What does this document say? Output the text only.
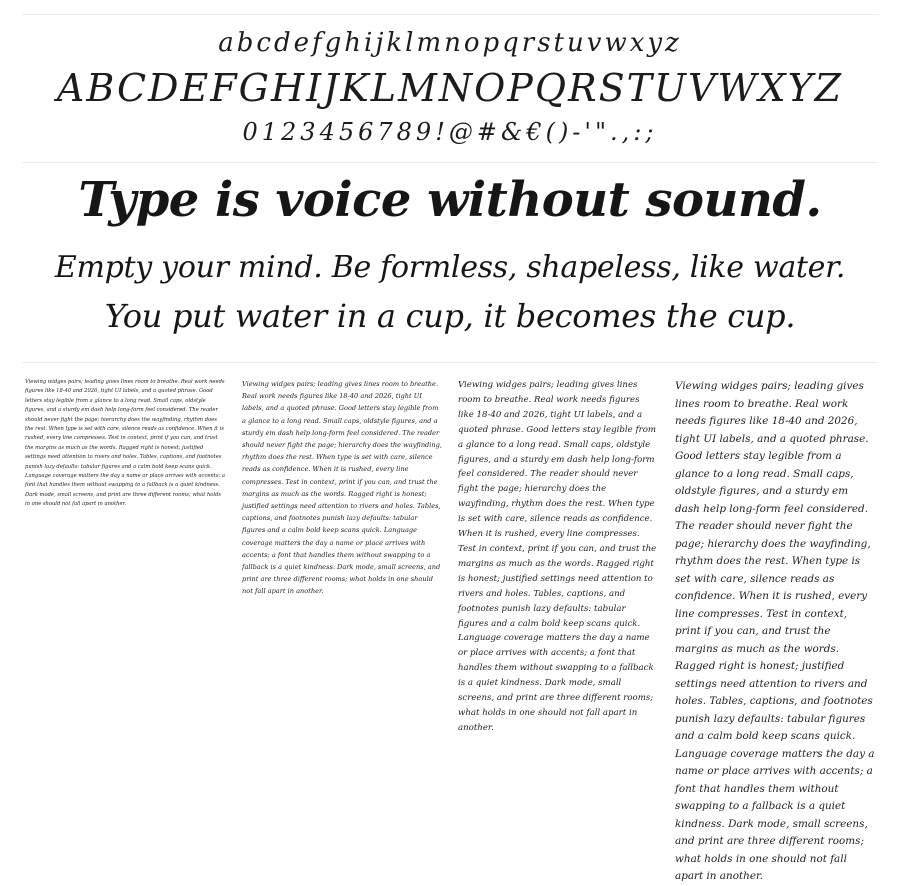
abcdefghijklmnopqrstuvwxyz
ABCDEFGHIJKLMNOPQRSTUVWXYZ
0123456789!@#&€()-'".,:;
Type is voice without sound.
Empty your mind. Be formless, shapeless, like water.
You put water in a cup, it becomes the cup.
Viewing widges pairs; leading gives lines room to breathe. Real work needs figures like 18-40 and 2026, tight UI labels, and a quoted phrase. Good letters stay legible from a glance to a long read. Small caps, oldstyle figures, and a sturdy em dash help long-form feel considered. The reader should never fight the page; hierarchy does the wayfinding, rhythm does the rest. When type is set with care, silence reads as confidence. When it is rushed, every line compresses. Test in context, print if you can, and trust the margins as much as the words. Ragged right is honest; justified settings need attention to rivers and holes. Tables, captions, and footnotes punish lazy defaults: tabular figures and a calm bold keep scans quick. Language coverage matters the day a name or place arrives with accents; a font that handles them without swapping to a fallback is a quiet kindness. Dark mode, small screens, and print are three different rooms; what holds in one should not fall apart in another.
Viewing widges pairs; leading gives lines room to breathe. Real work needs figures like 18-40 and 2026, tight UI labels, and a quoted phrase. Good letters stay legible from a glance to a long read. Small caps, oldstyle figures, and a sturdy em dash help long-form feel considered. The reader should never fight the page; hierarchy does the wayfinding, rhythm does the rest. When type is set with care, silence reads as confidence. When it is rushed, every line compresses. Test in context, print if you can, and trust the margins as much as the words. Ragged right is honest; justified settings need attention to rivers and holes. Tables, captions, and footnotes punish lazy defaults: tabular figures and a calm bold keep scans quick. Language coverage matters the day a name or place arrives with accents; a font that handles them without swapping to a fallback is a quiet kindness. Dark mode, small screens, and print are three different rooms; what holds in one should not fall apart in another.
Viewing widges pairs; leading gives lines room to breathe. Real work needs figures like 18-40 and 2026, tight UI labels, and a quoted phrase. Good letters stay legible from a glance to a long read. Small caps, oldstyle figures, and a sturdy em dash help long-form feel considered. The reader should never fight the page; hierarchy does the wayfinding, rhythm does the rest. When type is set with care, silence reads as confidence. When it is rushed, every line compresses. Test in context, print if you can, and trust the margins as much as the words. Ragged right is honest; justified settings need attention to rivers and holes. Tables, captions, and footnotes punish lazy defaults: tabular figures and a calm bold keep scans quick. Language coverage matters the day a name or place arrives with accents; a font that handles them without swapping to a fallback is a quiet kindness. Dark mode, small screens, and print are three different rooms; what holds in one should not fall apart in another.
Viewing widges pairs; leading gives lines room to breathe. Real work needs figures like 18-40 and 2026, tight UI labels, and a quoted phrase. Good letters stay legible from a glance to a long read. Small caps, oldstyle figures, and a sturdy em dash help long-form feel considered. The reader should never fight the page; hierarchy does the wayfinding, rhythm does the rest. When type is set with care, silence reads as confidence. When it is rushed, every line compresses. Test in context, print if you can, and trust the margins as much as the words. Ragged right is honest; justified settings need attention to rivers and holes. Tables, captions, and footnotes punish lazy defaults: tabular figures and a calm bold keep scans quick. Language coverage matters the day a name or place arrives with accents; a font that handles them without swapping to a fallback is a quiet kindness. Dark mode, small screens, and print are three different rooms; what holds in one should not fall apart in another.
